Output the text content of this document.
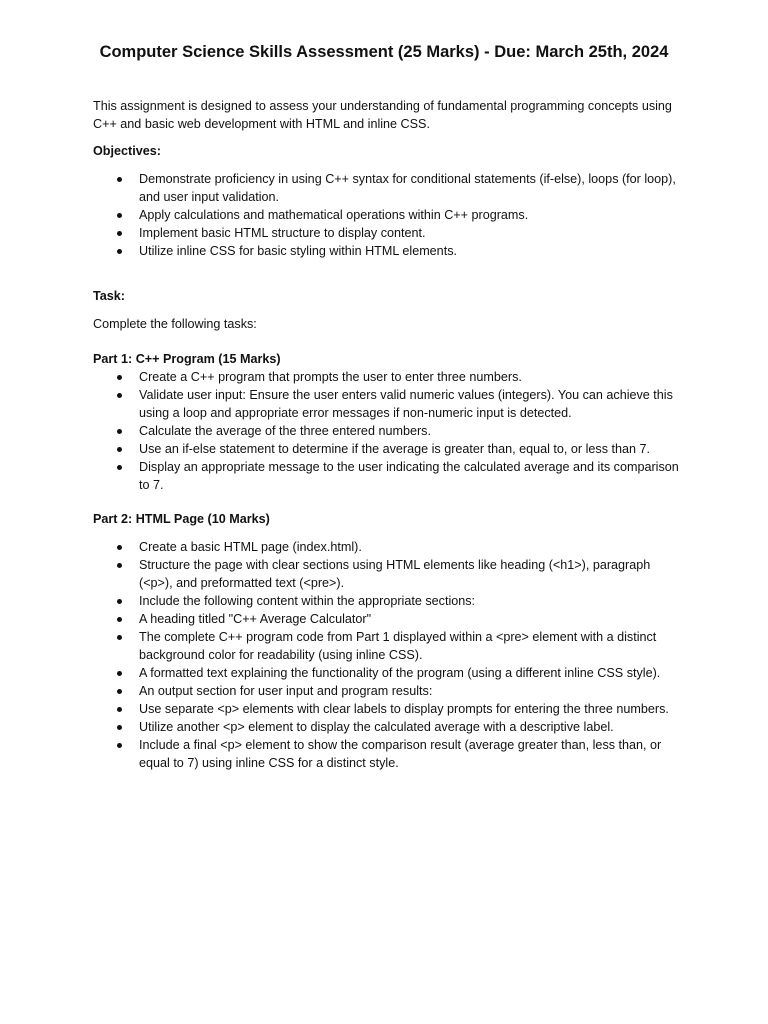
Computer Science Skills Assessment (25 Marks) - Due: March 25th, 2024

This assignment is designed to assess your understanding of fundamental programming concepts using C++ and basic web development with HTML and inline CSS.

Objectives:

Demonstrate proficiency in using C++ syntax for conditional statements (if-else), loops (for loop), and user input validation.
Apply calculations and mathematical operations within C++ programs.
Implement basic HTML structure to display content.
Utilize inline CSS for basic styling within HTML elements.

Task:

Complete the following tasks:

Part 1: C++ Program (15 Marks)

Create a C++ program that prompts the user to enter three numbers.
Validate user input: Ensure the user enters valid numeric values (integers). You can achieve this using a loop and appropriate error messages if non-numeric input is detected.
Calculate the average of the three entered numbers.
Use an if-else statement to determine if the average is greater than, equal to, or less than 7.
Display an appropriate message to the user indicating the calculated average and its comparison to 7.

Part 2: HTML Page (10 Marks)

Create a basic HTML page (index.html).
Structure the page with clear sections using HTML elements like heading (<h1>), paragraph (<p>), and preformatted text (<pre>).
Include the following content within the appropriate sections:
A heading titled "C++ Average Calculator"
The complete C++ program code from Part 1 displayed within a <pre> element with a distinct background color for readability (using inline CSS).
A formatted text explaining the functionality of the program (using a different inline CSS style).
An output section for user input and program results:
Use separate <p> elements with clear labels to display prompts for entering the three numbers.
Utilize another <p> element to display the calculated average with a descriptive label.
Include a final <p> element to show the comparison result (average greater than, less than, or equal to 7) using inline CSS for a distinct style.
